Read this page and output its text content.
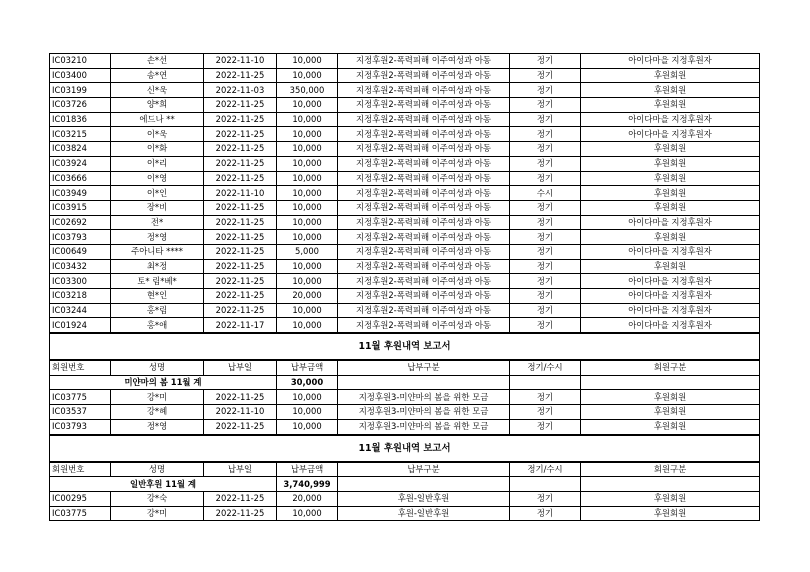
IC03210	손*선	2022-11-10	10,000	지정후원2-폭력피해 이주여성과 아동	정기	아이다마을 지정후원자
IC03400	송*연	2022-11-25	10,000	지정후원2-폭력피해 이주여성과 아동	정기	후원회원
IC03199	신*욱	2022-11-03	350,000	지정후원2-폭력피해 이주여성과 아동	정기	후원회원
IC03726	양*희	2022-11-25	10,000	지정후원2-폭력피해 이주여성과 아동	정기	후원회원
IC01836	에드나 **	2022-11-25	10,000	지정후원2-폭력피해 이주여성과 아동	정기	아이다마을 지정후원자
IC03215	이*욱	2022-11-25	10,000	지정후원2-폭력피해 이주여성과 아동	정기	아이다마을 지정후원자
IC03824	이*화	2022-11-25	10,000	지정후원2-폭력피해 이주여성과 아동	정기	후원회원
IC03924	이*리	2022-11-25	10,000	지정후원2-폭력피해 이주여성과 아동	정기	후원회원
IC03666	이*영	2022-11-25	10,000	지정후원2-폭력피해 이주여성과 아동	정기	후원회원
IC03949	이*인	2022-11-10	10,000	지정후원2-폭력피해 이주여성과 아동	수시	후원회원
IC03915	장*비	2022-11-25	10,000	지정후원2-폭력피해 이주여성과 아동	정기	후원회원
IC02692	전*	2022-11-25	10,000	지정후원2-폭력피해 이주여성과 아동	정기	아이다마을 지정후원자
IC03793	정*영	2022-11-25	10,000	지정후원2-폭력피해 이주여성과 아동	정기	후원회원
IC00649	주아니타 ****	2022-11-25	5,000	지정후원2-폭력피해 이주여성과 아동	정기	아이다마을 지정후원자
IC03432	최*정	2022-11-25	10,000	지정후원2-폭력피해 이주여성과 아동	정기	후원회원
IC03300	토* 림*베*	2022-11-25	10,000	지정후원2-폭력피해 이주여성과 아동	정기	아이다마을 지정후원자
IC03218	현*인	2022-11-25	20,000	지정후원2-폭력피해 이주여성과 아동	정기	아이다마을 지정후원자
IC03244	홍*림	2022-11-25	10,000	지정후원2-폭력피해 이주여성과 아동	정기	아이다마을 지정후원자
IC01924	홍*애	2022-11-17	10,000	지정후원2-폭력피해 이주여성과 아동	정기	아이다마을 지정후원자
11월 후원내역 보고서						
회원번호	성명	납부일	납부금액	납부구분	정기/수시	회원구분
미얀마의 봄 11월 계			30,000			
IC03775	강*미	2022-11-25	10,000	지정후원3-미얀마의 봄을 위한 모금	정기	후원회원
IC03537	강*혜	2022-11-10	10,000	지정후원3-미얀마의 봄을 위한 모금	정기	후원회원
IC03793	정*영	2022-11-25	10,000	지정후원3-미얀마의 봄을 위한 모금	정기	후원회원
11월 후원내역 보고서						
회원번호	성명	납부일	납부금액	납부구분	정기/수시	회원구분
일반후원 11월 계			3,740,999			
IC00295	강*숙	2022-11-25	20,000	후원-일반후원	정기	후원회원
IC03775	강*미	2022-11-25	10,000	후원-일반후원	정기	후원회원
